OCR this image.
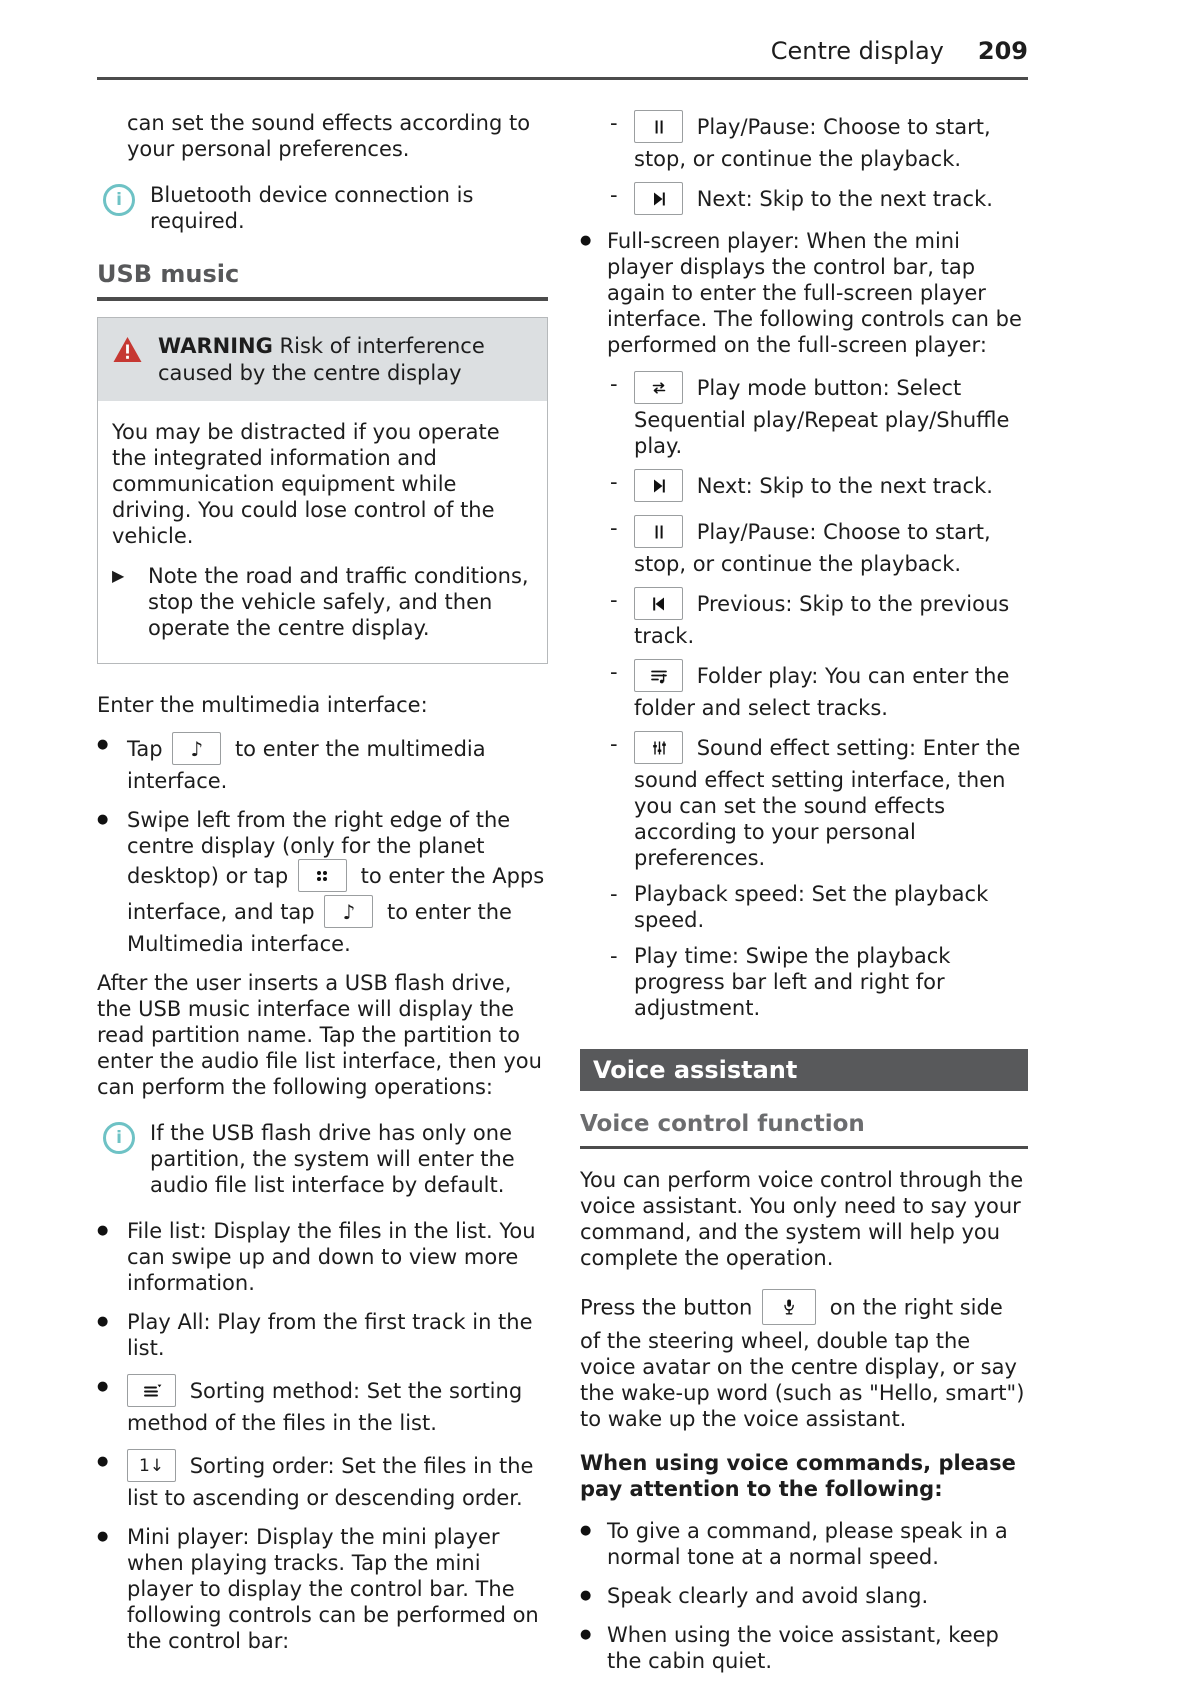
Centre display 209

can set the sound effects according to your personal preferences.

i	Bluetooth device connection is required.
USB music
WARNING Risk of interference caused by the centre display

You may be distracted if you operate the integrated information and communication equipment while driving. You could lose control of the vehicle.

▶ Note the road and traffic conditions, stop the vehicle safely, and then operate the centre display.

Enter the multimedia interface:

● Tap ♪ to enter the multimedia interface.
● Swipe left from the right edge of the centre display (only for the planet desktop) or tap	to enter the Apps interface, and tap ♪ to enter the Multimedia interface.

After the user inserts a USB flash drive, the USB music interface will display the read partition name. Tap the partition to enter the audio file list interface, then you can perform the following operations:

i	If the USB flash drive has only one partition, the system will enter the audio file list interface by default.
● File list: Display the files in the list. You can swipe up and down to view more information.
● Play All: Play from the first track in the list.
● Sorting method: Set the sorting method of the files in the list.
● 1↓ Sorting order: Set the files in the list to ascending or descending order.
● Mini player: Display the mini player when playing tracks. Tap the mini player to display the control bar. The following controls can be performed on the control bar:
- Play/Pause: Choose to start, stop, or continue the playback.
- Next: Skip to the next track.
● Full-screen player: When the mini player displays the control bar, tap again to enter the full-screen player interface. The following controls can be performed on the full-screen player:
- Play mode button: Select Sequential play/Repeat play/Shuffle play.
- Next: Skip to the next track.
- Play/Pause: Choose to start, stop, or continue the playback.
- Previous: Skip to the previous track.
- Folder play: You can enter the folder and select tracks.
- Sound effect setting: Enter the sound effect setting interface, then you can set the sound effects according to your personal preferences.
- Playback speed: Set the playback speed.
- Play time: Swipe the playback progress bar left and right for adjustment.
Voice assistant
Voice control function

You can perform voice control through the voice assistant. You only need to say your command, and the system will help you complete the operation.

Press the button	on the right side of the steering wheel, double tap the voice avatar on the centre display, or say the wake-up word (such as "Hello, smart") to wake up the voice assistant.

When using voice commands, please pay attention to the following:

● To give a command, please speak in a normal tone at a normal speed.
● Speak clearly and avoid slang.
● When using the voice assistant, keep the cabin quiet.
